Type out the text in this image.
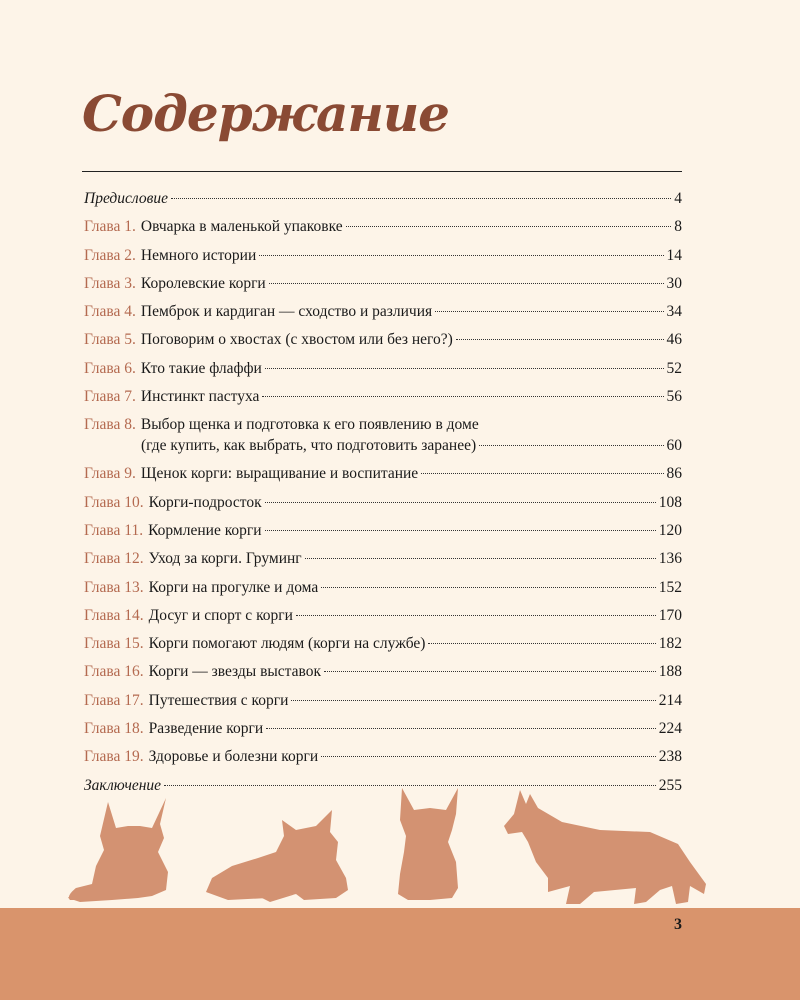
Содержание
Предисловие	4
Глава 1. Овчарка в маленькой упаковке	8
Глава 2. Немного истории	14
Глава 3. Королевские корги	30
Глава 4. Пемброк и кардиган — сходство и различия	34
Глава 5. Поговорим о хвостах (с хвостом или без него?)	46
Глава 6. Кто такие флаффи	52
Глава 7. Инстинкт пастуха	56
Глава 8. Выбор щенка и подготовка к его появлению в доме
(где купить, как выбрать, что подготовить заранее)	60
Глава 9. Щенок корги: выращивание и воспитание	86
Глава 10. Корги-подросток	108
Глава 11. Кормление корги	120
Глава 12. Уход за корги. Груминг	136
Глава 13. Корги на прогулке и дома	152
Глава 14. Досуг и спорт с корги	170
Глава 15. Корги помогают людям (корги на службе)	182
Глава 16. Корги — звезды выставок	188
Глава 17. Путешествия с корги	214
Глава 18. Разведение корги	224
Глава 19. Здоровье и болезни корги	238
Заключение	255
3
